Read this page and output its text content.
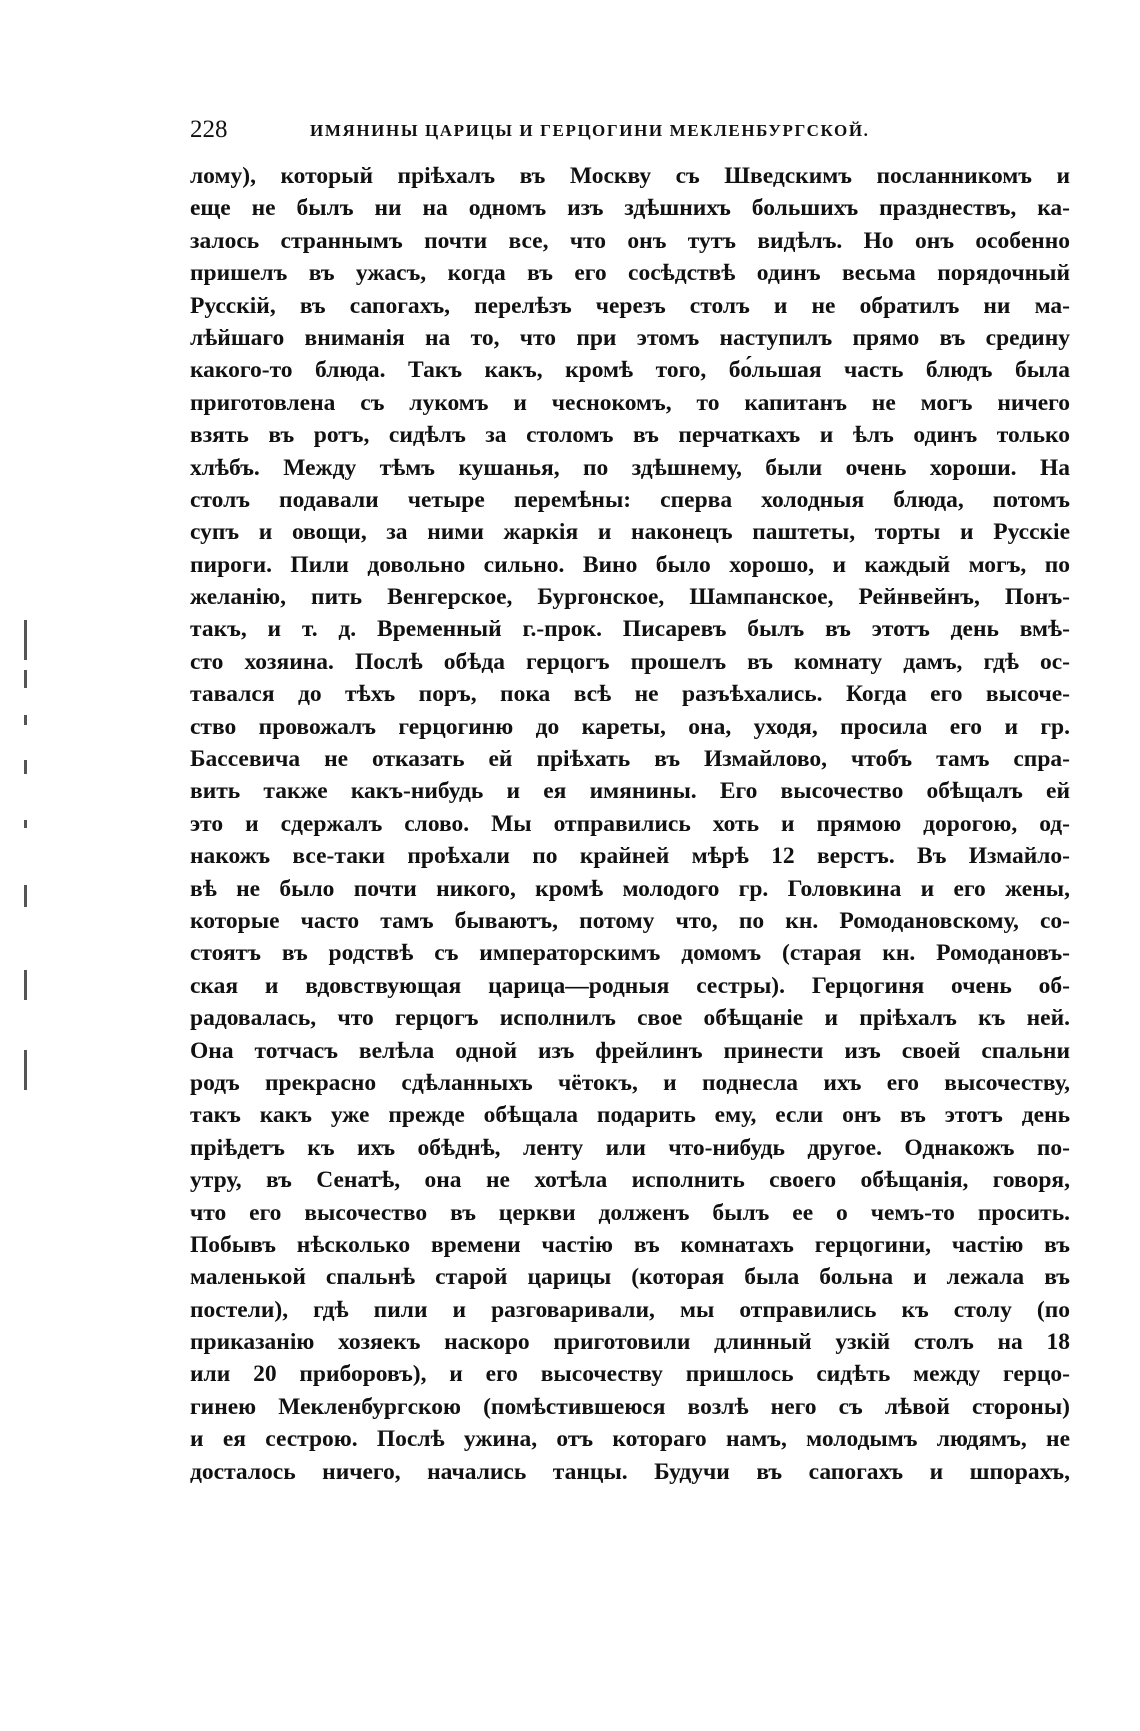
228	ИМЯНИНЫ ЦАРИЦЫ И ГЕРЦОГИНИ МЕКЛЕНБУРГСКОЙ.
лому), который пріѣхалъ въ Москву съ Шведскимъ посланникомъ и
еще не былъ ни на одномъ изъ здѣшнихъ большихъ празднествъ, ка-
залось страннымъ почти все, что онъ тутъ видѣлъ. Но онъ особенно
пришелъ въ ужасъ, когда въ его сосѣдствѣ одинъ весьма порядочный
Русскій, въ сапогахъ, перелѣзъ черезъ столъ и не обратилъ ни ма-
лѣйшаго вниманія на то, что при этомъ наступилъ прямо въ средину
какого-то блюда. Такъ какъ, кромѣ того, бо́льшая часть блюдъ была
приготовлена съ лукомъ и чеснокомъ, то капитанъ не могъ ничего
взять въ ротъ, сидѣлъ за столомъ въ перчаткахъ и ѣлъ одинъ только
хлѣбъ. Между тѣмъ кушанья, по здѣшнему, были очень хороши. На
столъ подавали четыре перемѣны: сперва холодныя блюда, потомъ
супъ и овощи, за ними жаркія и наконецъ паштеты, торты и Русскіе
пироги. Пили довольно сильно. Вино было хорошо, и каждый могъ, по
желанію, пить Венгерское, Бургонское, Шампанское, Рейнвейнъ, Понъ-
такъ, и т. д. Временный г.-прок. Писаревъ былъ въ этотъ день вмѣ-
сто хозяина. Послѣ обѣда герцогъ прошелъ въ комнату дамъ, гдѣ ос-
тавался до тѣхъ поръ, пока всѣ не разъѣхались. Когда его высоче-
ство провожалъ герцогиню до кареты, она, уходя, просила его и гр.
Бассевича не отказать ей пріѣхать въ Измайлово, чтобъ тамъ спра-
вить также какъ-нибудь и ея имянины. Его высочество обѣщалъ ей
это и сдержалъ слово. Мы отправились хоть и прямою дорогою, од-
накожъ все-таки проѣхали по крайней мѣрѣ 12 верстъ. Въ Измайло-
вѣ не было почти никого, кромѣ молодого гр. Головкина и его жены,
которые часто тамъ бываютъ, потому что, по кн. Ромодановскому, со-
стоятъ въ родствѣ съ императорскимъ домомъ (старая кн. Ромодановъ-
ская и вдовствующая царица—родныя сестры). Герцогиня очень об-
радовалась, что герцогъ исполнилъ свое обѣщаніе и пріѣхалъ къ ней.
Она тотчасъ велѣла одной изъ фрейлинъ принести изъ своей спальни
родъ прекрасно сдѣланныхъ чётокъ, и поднесла ихъ его высочеству,
такъ какъ уже прежде обѣщала подарить ему, если онъ въ этотъ день
пріѣдетъ къ ихъ обѣднѣ, ленту или что-нибудь другое. Однакожъ по-
утру, въ Сенатѣ, она не хотѣла исполнить своего обѣщанія, говоря,
что его высочество въ церкви долженъ былъ ее о чемъ-то просить.
Побывъ нѣсколько времени частію въ комнатахъ герцогини, частію въ
маленькой спальнѣ старой царицы (которая была больна и лежала въ
постели), гдѣ пили и разговаривали, мы отправились къ столу (по
приказанію хозяекъ наскоро приготовили длинный узкій столъ на 18
или 20 приборовъ), и его высочеству пришлось сидѣть между герцо-
гинею Мекленбургскою (помѣстившеюся возлѣ него съ лѣвой стороны)
и ея сестрою. Послѣ ужина, отъ котораго намъ, молодымъ людямъ, не
досталось ничего, начались танцы. Будучи въ сапогахъ и шпорахъ,
